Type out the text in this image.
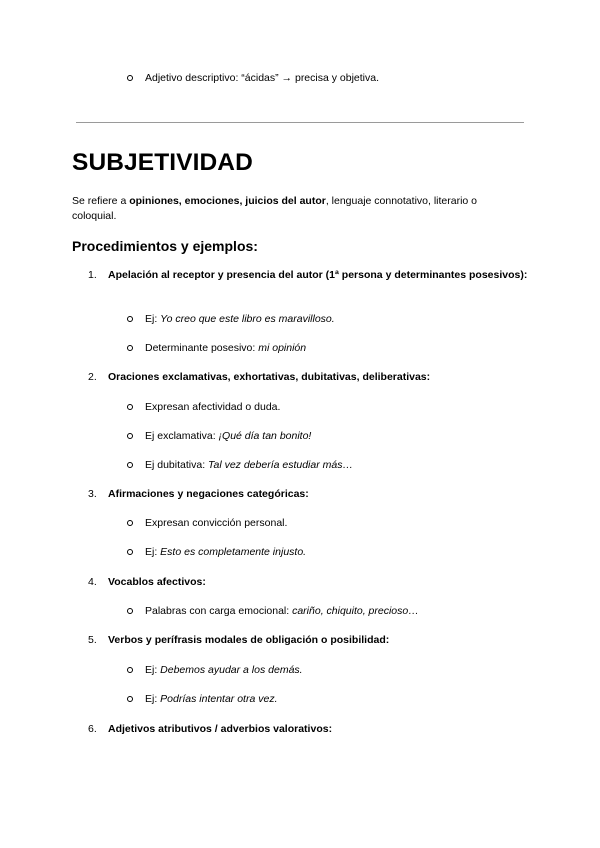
Adjetivo descriptivo: “ácidas” → precisa y objetiva.
SUBJETIVIDAD
Se refiere a opiniones, emociones, juicios del autor, lenguaje connotativo, literario o coloquial.
Procedimientos y ejemplos:
1.	Apelación al receptor y presencia del autor (1ª persona y determinantes posesivos):
Ej: Yo creo que este libro es maravilloso.
Determinante posesivo: mi opinión
2.	Oraciones exclamativas, exhortativas, dubitativas, deliberativas:
Expresan afectividad o duda.
Ej exclamativa: ¡Qué día tan bonito!
Ej dubitativa: Tal vez debería estudiar más…
3.	Afirmaciones y negaciones categóricas:
Expresan convicción personal.
Ej: Esto es completamente injusto.
4.	Vocablos afectivos:
Palabras con carga emocional: cariño, chiquito, precioso…
5.	Verbos y perífrasis modales de obligación o posibilidad:
Ej: Debemos ayudar a los demás.
Ej: Podrías intentar otra vez.
6.	Adjetivos atributivos / adverbios valorativos:
